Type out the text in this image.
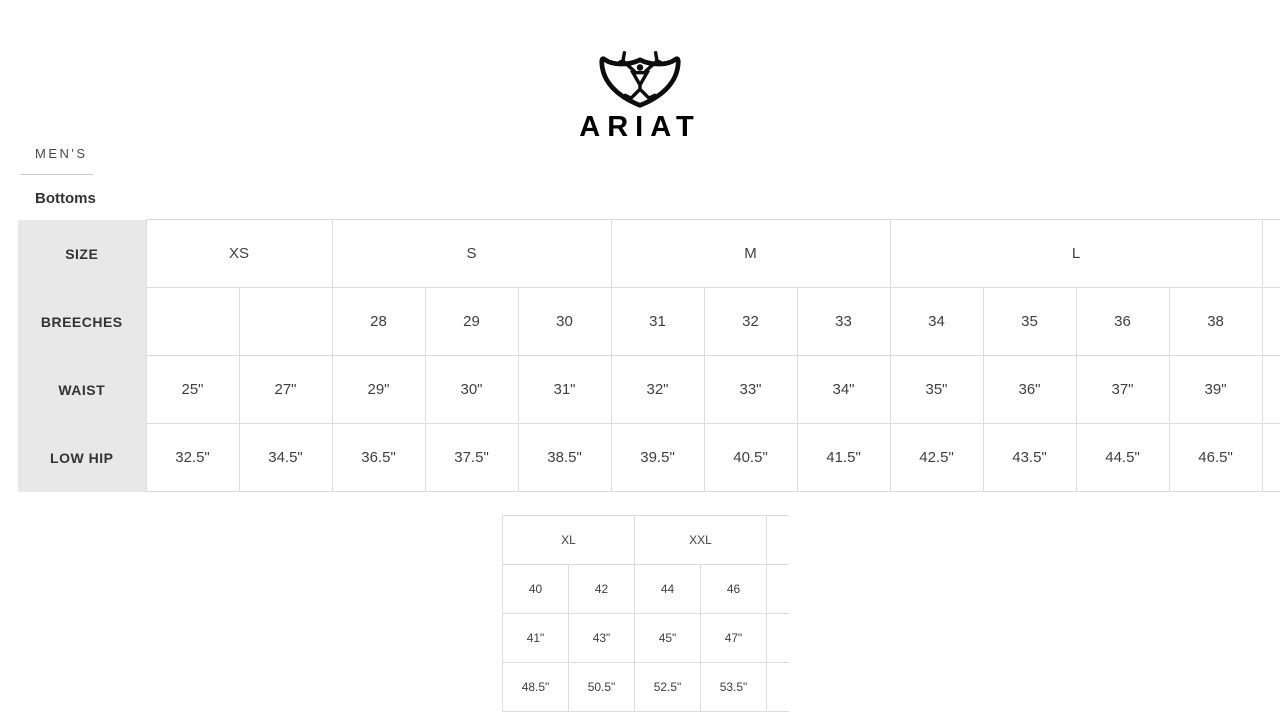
ARIAT
MEN'S
Bottoms
SIZE	XS		S			M			L				
BREECHES			28	29	30	31	32	33	34	35	36	38	
WAIST	25"	27"	29"	30"	31"	32"	33"	34"	35"	36"	37"	39"	
LOW HIP	32.5"	34.5"	36.5"	37.5"	38.5"	39.5"	40.5"	41.5"	42.5"	43.5"	44.5"	46.5"	
XL		XXL		
40	42	44	46	
41"	43"	45"	47"	
48.5"	50.5"	52.5"	53.5"	
